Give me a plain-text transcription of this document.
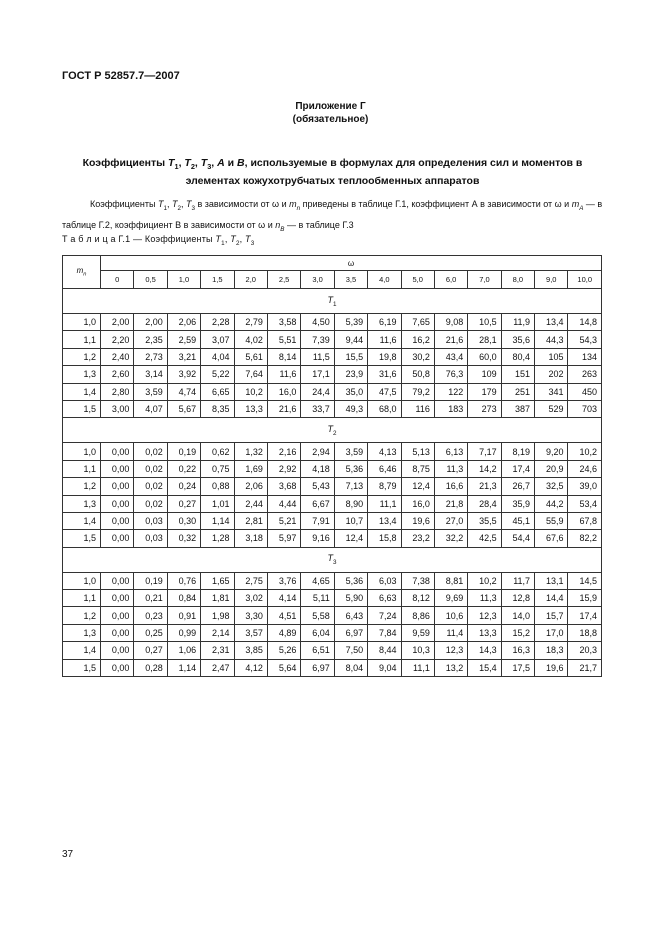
ГОСТ Р 52857.7—2007
Приложение Г
(обязательное)
Коэффициенты $T_1$, $T_2$, $T_3$, A и B, используемые в формулах для определения сил и моментов в элементах кожухотрубчатых теплообменных аппаратов
Коэффициенты $T_1$, $T_2$, $T_3$ в зависимости от ω и $m_n$ приведены в таблице Г.1, коэффициент А в зависимости от ω и $m_A$ — в таблице Г.2, коэффициент В в зависимости от ω и $n_B$ — в таблице Г.3
Т а б л и ц а Г.1 — Коэффициенты $T_1$, $T_2$, $T_3$
$m_n$	ω														
	0	0,5	1,0	1,5	2,0	2,5	3,0	3,5	4,0	5,0	6,0	7,0	8,0	9,0	10,0
$T_1$
1,0	2,00	2,00	2,06	2,28	2,79	3,58	4,50	5,39	6,19	7,65	9,08	10,5	11,9	13,4	14,8
1,1	2,20	2,35	2,59	3,07	4,02	5,51	7,39	9,44	11,6	16,2	21,6	28,1	35,6	44,3	54,3
1,2	2,40	2,73	3,21	4,04	5,61	8,14	11,5	15,5	19,8	30,2	43,4	60,0	80,4	105	134
1,3	2,60	3,14	3,92	5,22	7,64	11,6	17,1	23,9	31,6	50,8	76,3	109	151	202	263
1,4	2,80	3,59	4,74	6,65	10,2	16,0	24,4	35,0	47,5	79,2	122	179	251	341	450
1,5	3,00	4,07	5,67	8,35	13,3	21,6	33,7	49,3	68,0	116	183	273	387	529	703
$T_2$
1,0	0,00	0,02	0,19	0,62	1,32	2,16	2,94	3,59	4,13	5,13	6,13	7,17	8,19	9,20	10,2
1,1	0,00	0,02	0,22	0,75	1,69	2,92	4,18	5,36	6,46	8,75	11,3	14,2	17,4	20,9	24,6
1,2	0,00	0,02	0,24	0,88	2,06	3,68	5,43	7,13	8,79	12,4	16,6	21,3	26,7	32,5	39,0
1,3	0,00	0,02	0,27	1,01	2,44	4,44	6,67	8,90	11,1	16,0	21,8	28,4	35,9	44,2	53,4
1,4	0,00	0,03	0,30	1,14	2,81	5,21	7,91	10,7	13,4	19,6	27,0	35,5	45,1	55,9	67,8
1,5	0,00	0,03	0,32	1,28	3,18	5,97	9,16	12,4	15,8	23,2	32,2	42,5	54,4	67,6	82,2
$T_3$
1,0	0,00	0,19	0,76	1,65	2,75	3,76	4,65	5,36	6,03	7,38	8,81	10,2	11,7	13,1	14,5
1,1	0,00	0,21	0,84	1,81	3,02	4,14	5,11	5,90	6,63	8,12	9,69	11,3	12,8	14,4	15,9
1,2	0,00	0,23	0,91	1,98	3,30	4,51	5,58	6,43	7,24	8,86	10,6	12,3	14,0	15,7	17,4
1,3	0,00	0,25	0,99	2,14	3,57	4,89	6,04	6,97	7,84	9,59	11,4	13,3	15,2	17,0	18,8
1,4	0,00	0,27	1,06	2,31	3,85	5,26	6,51	7,50	8,44	10,3	12,3	14,3	16,3	18,3	20,3
1,5	0,00	0,28	1,14	2,47	4,12	5,64	6,97	8,04	9,04	11,1	13,2	15,4	17,5	19,6	21,7
37
